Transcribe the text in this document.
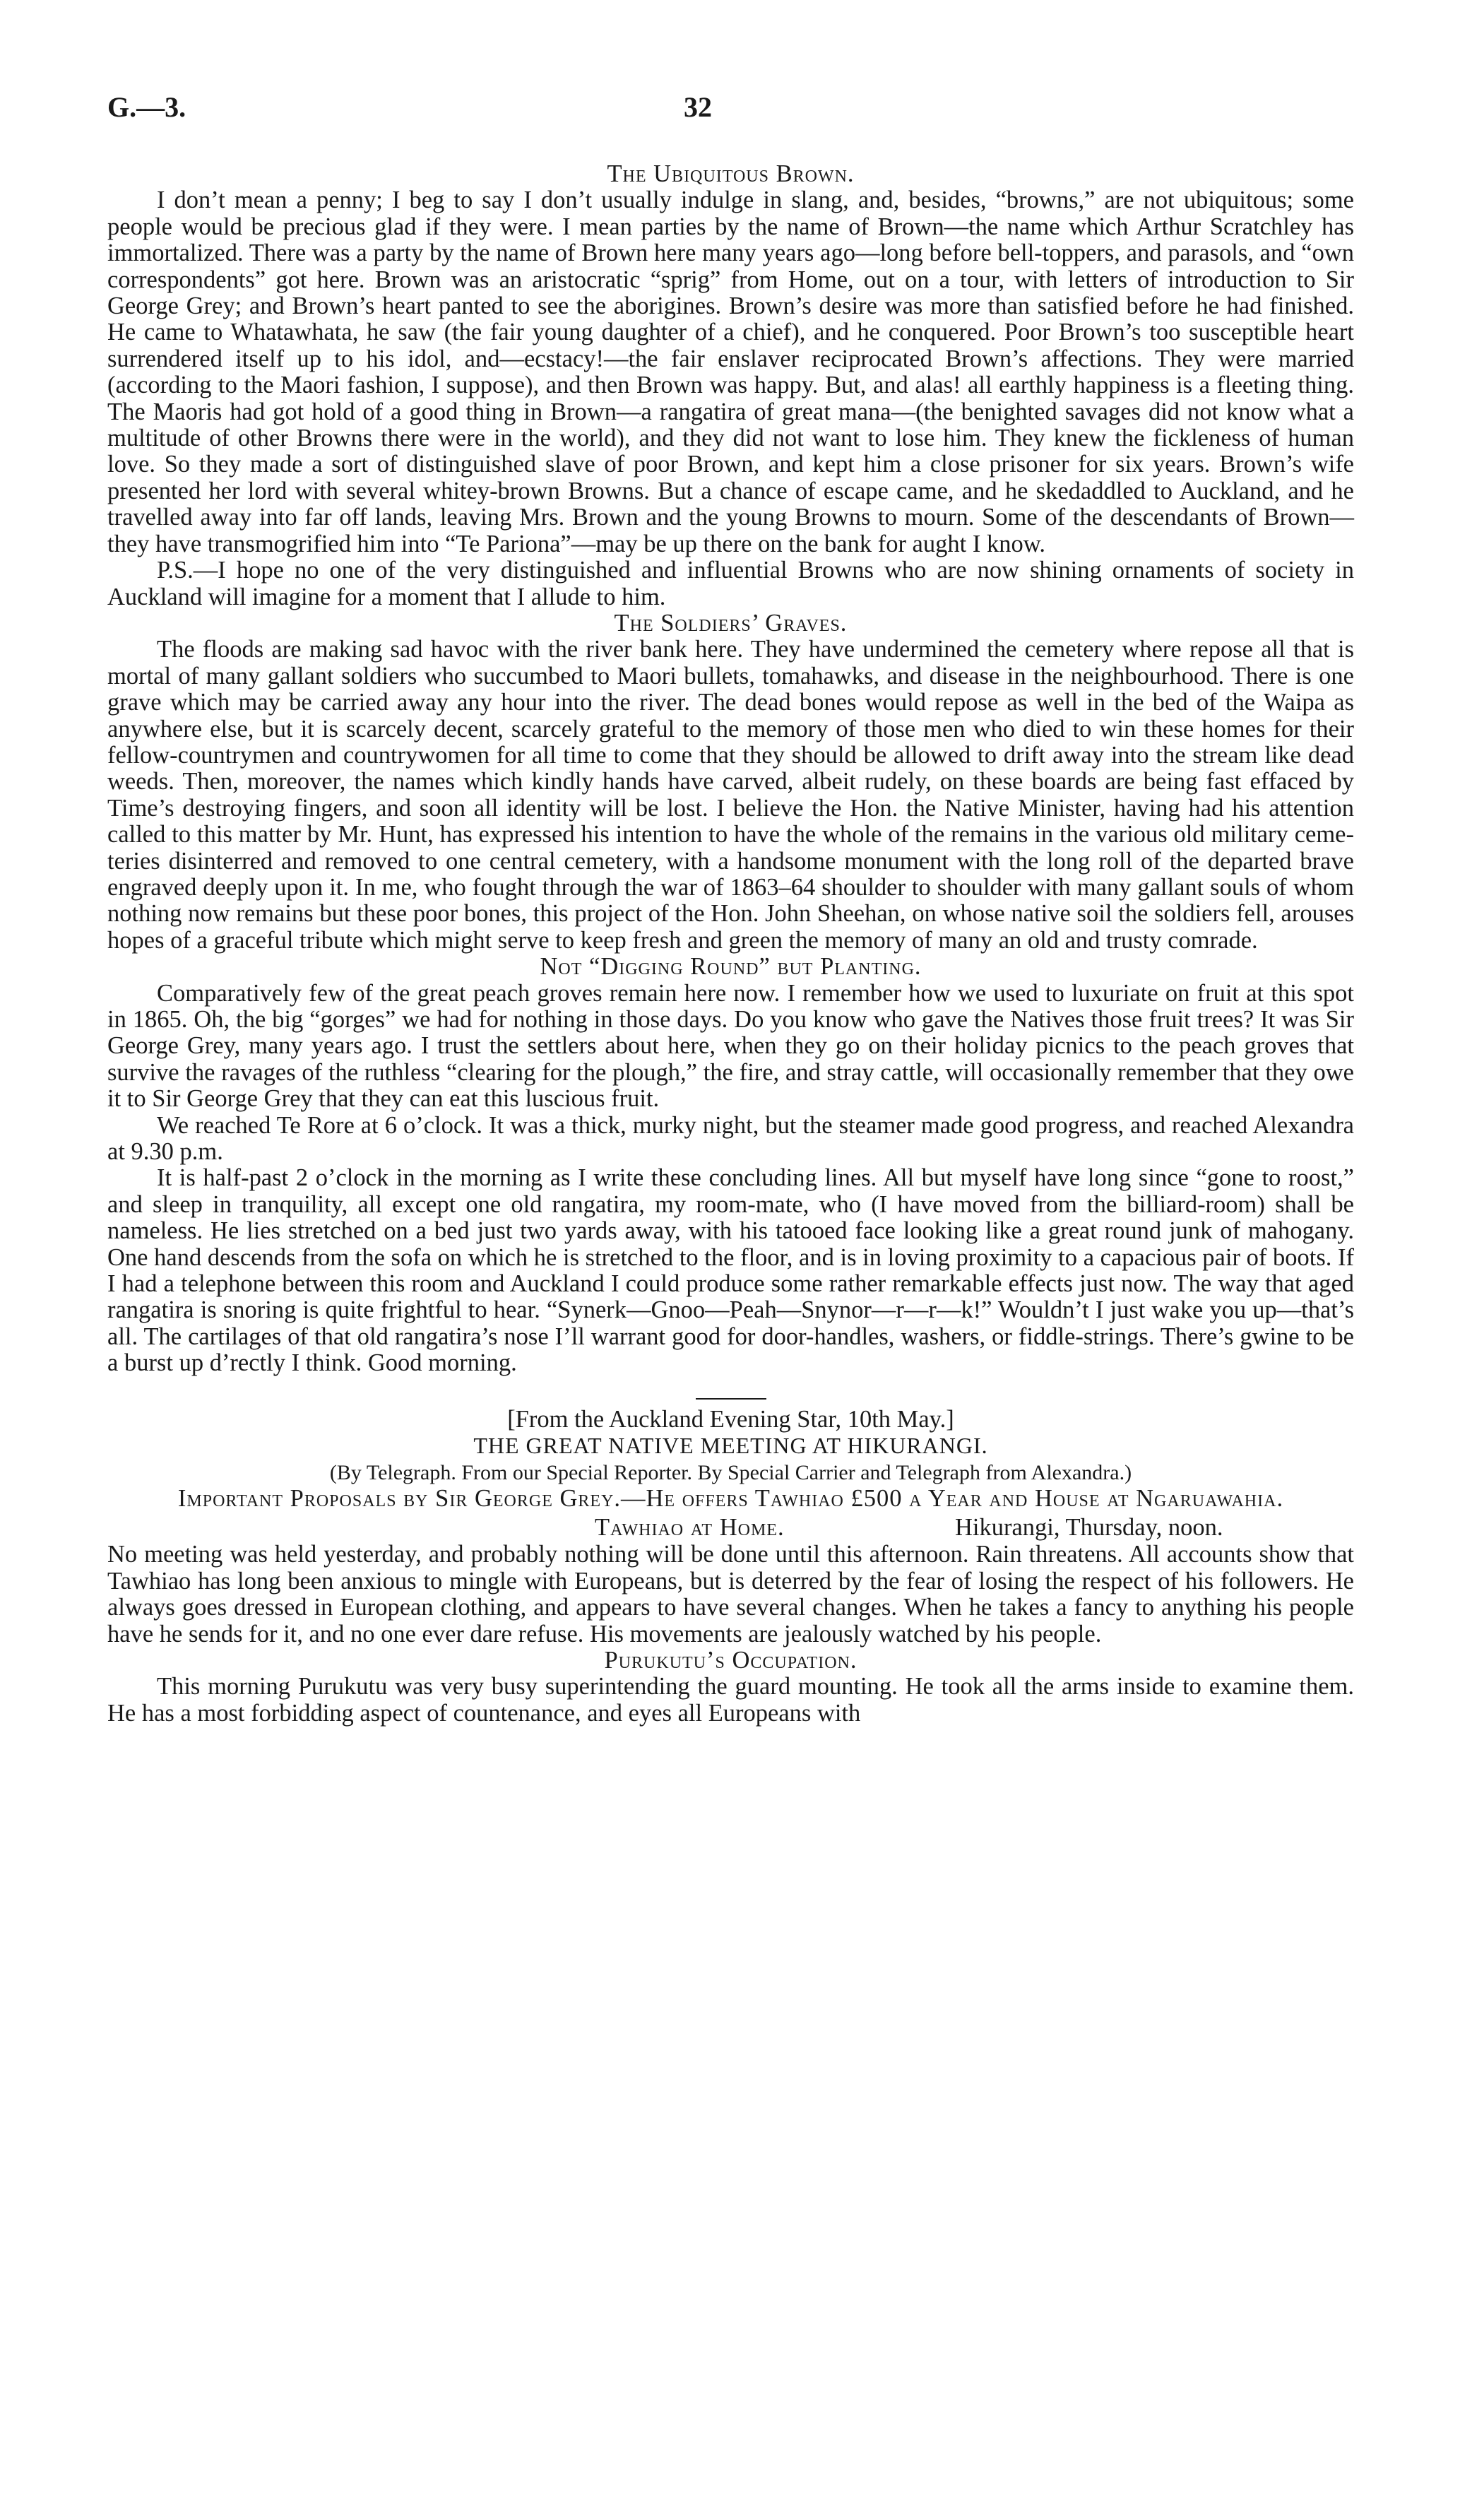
G.—3.	32

The Ubiquitous Brown.

I don’t mean a penny; I beg to say I don’t usually indulge in slang, and, besides, “browns,” are not ubiquitous; some people would be precious glad if they were. I mean parties by the name of Brown—the name which Arthur Scratchley has immortalized. There was a party by the name of Brown here many years ago—long before bell-toppers, and parasols, and “own correspondents” got here. Brown was an aristocratic “sprig” from Home, out on a tour, with letters of introduction to Sir George Grey; and Brown’s heart panted to see the aborigines. Brown’s desire was more than satisfied before he had finished. He came to Whatawhata, he saw (the fair young daughter of a chief), and he conquered. Poor Brown’s too susceptible heart surrendered itself up to his idol, and—ecstacy!—the fair enslaver reciprocated Brown’s affections. They were married (according to the Maori fashion, I suppose), and then Brown was happy. But, and alas! all earthly happiness is a fleeting thing. The Maoris had got hold of a good thing in Brown—a rangatira of great mana—(the benighted savages did not know what a multitude of other Browns there were in the world), and they did not want to lose him. They knew the fickleness of human love. So they made a sort of distinguished slave of poor Brown, and kept him a close prisoner for six years. Brown’s wife presented her lord with several whitey-brown Browns. But a chance of escape came, and he skedaddled to Auckland, and he travelled away into far off lands, leaving Mrs. Brown and the young Browns to mourn. Some of the descendants of Brown—they have transmogrified him into “Te Pariona”—may be up there on the bank for aught I know.

P.S.—I hope no one of the very distinguished and influential Browns who are now shining ornaments of society in Auckland will imagine for a moment that I allude to him.

The Soldiers’ Graves.

The floods are making sad havoc with the river bank here. They have undermined the cemetery where repose all that is mortal of many gallant soldiers who succumbed to Maori bullets, tomahawks, and disease in the neighbourhood. There is one grave which may be carried away any hour into the river. The dead bones would repose as well in the bed of the Waipa as anywhere else, but it is scarcely decent, scarcely grateful to the memory of those men who died to win these homes for their fellow-countrymen and countrywomen for all time to come that they should be allowed to drift away into the stream like dead weeds. Then, moreover, the names which kindly hands have carved, albeit rudely, on these boards are being fast effaced by Time’s destroying fingers, and soon all identity will be lost. I believe the Hon. the Native Minister, having had his attention called to this matter by Mr. Hunt, has expressed his intention to have the whole of the remains in the various old military cemeteries disinterred and removed to one central cemetery, with a handsome monument with the long roll of the departed brave engraved deeply upon it. In me, who fought through the war of 1863–64 shoulder to shoulder with many gallant souls of whom nothing now remains but these poor bones, this project of the Hon. John Sheehan, on whose native soil the soldiers fell, arouses hopes of a graceful tribute which might serve to keep fresh and green the memory of many an old and trusty comrade.

Not “Digging Round” but Planting.

Comparatively few of the great peach groves remain here now. I remember how we used to luxuriate on fruit at this spot in 1865. Oh, the big “gorges” we had for nothing in those days. Do you know who gave the Natives those fruit trees? It was Sir George Grey, many years ago. I trust the settlers about here, when they go on their holiday picnics to the peach groves that survive the ravages of the ruthless “clearing for the plough,” the fire, and stray cattle, will occasionally remember that they owe it to Sir George Grey that they can eat this luscious fruit.

We reached Te Rore at 6 o’clock. It was a thick, murky night, but the steamer made good progress, and reached Alexandra at 9.30 p.m.

It is half-past 2 o’clock in the morning as I write these concluding lines. All but myself have long since “gone to roost,” and sleep in tranquility, all except one old rangatira, my room-mate, who (I have moved from the billiard-room) shall be nameless. He lies stretched on a bed just two yards away, with his tatooed face looking like a great round junk of mahogany. One hand descends from the sofa on which he is stretched to the floor, and is in loving proximity to a capacious pair of boots. If I had a telephone between this room and Auckland I could produce some rather remarkable effects just now. The way that aged rangatira is snoring is quite frightful to hear. “Synerk—Gnoo—Peah—Snynor—r—r—k!” Wouldn’t I just wake you up—that’s all. The cartilages of that old rangatira’s nose I’ll warrant good for door-handles, washers, or fiddle-strings. There’s gwine to be a burst up d’rectly I think. Good morning.

[From the Auckland Evening Star, 10th May.]

THE GREAT NATIVE MEETING AT HIKURANGI.

(By Telegraph. From our Special Reporter. By Special Carrier and Telegraph from Alexandra.)

Important Proposals by Sir George Grey.—He offers Tawhiao £500 a Year and House at Ngaruawahia.

Tawhiao at Home.	Hikurangi, Thursday, noon.

No meeting was held yesterday, and probably nothing will be done until this afternoon. Rain threatens. All accounts show that Tawhiao has long been anxious to mingle with Europeans, but is deterred by the fear of losing the respect of his followers. He always goes dressed in European clothing, and appears to have several changes. When he takes a fancy to anything his people have he sends for it, and no one ever dare refuse. His movements are jealously watched by his people.

Purukutu’s Occupation.

This morning Purukutu was very busy superintending the guard mounting. He took all the arms inside to examine them. He has a most forbidding aspect of countenance, and eyes all Europeans with
